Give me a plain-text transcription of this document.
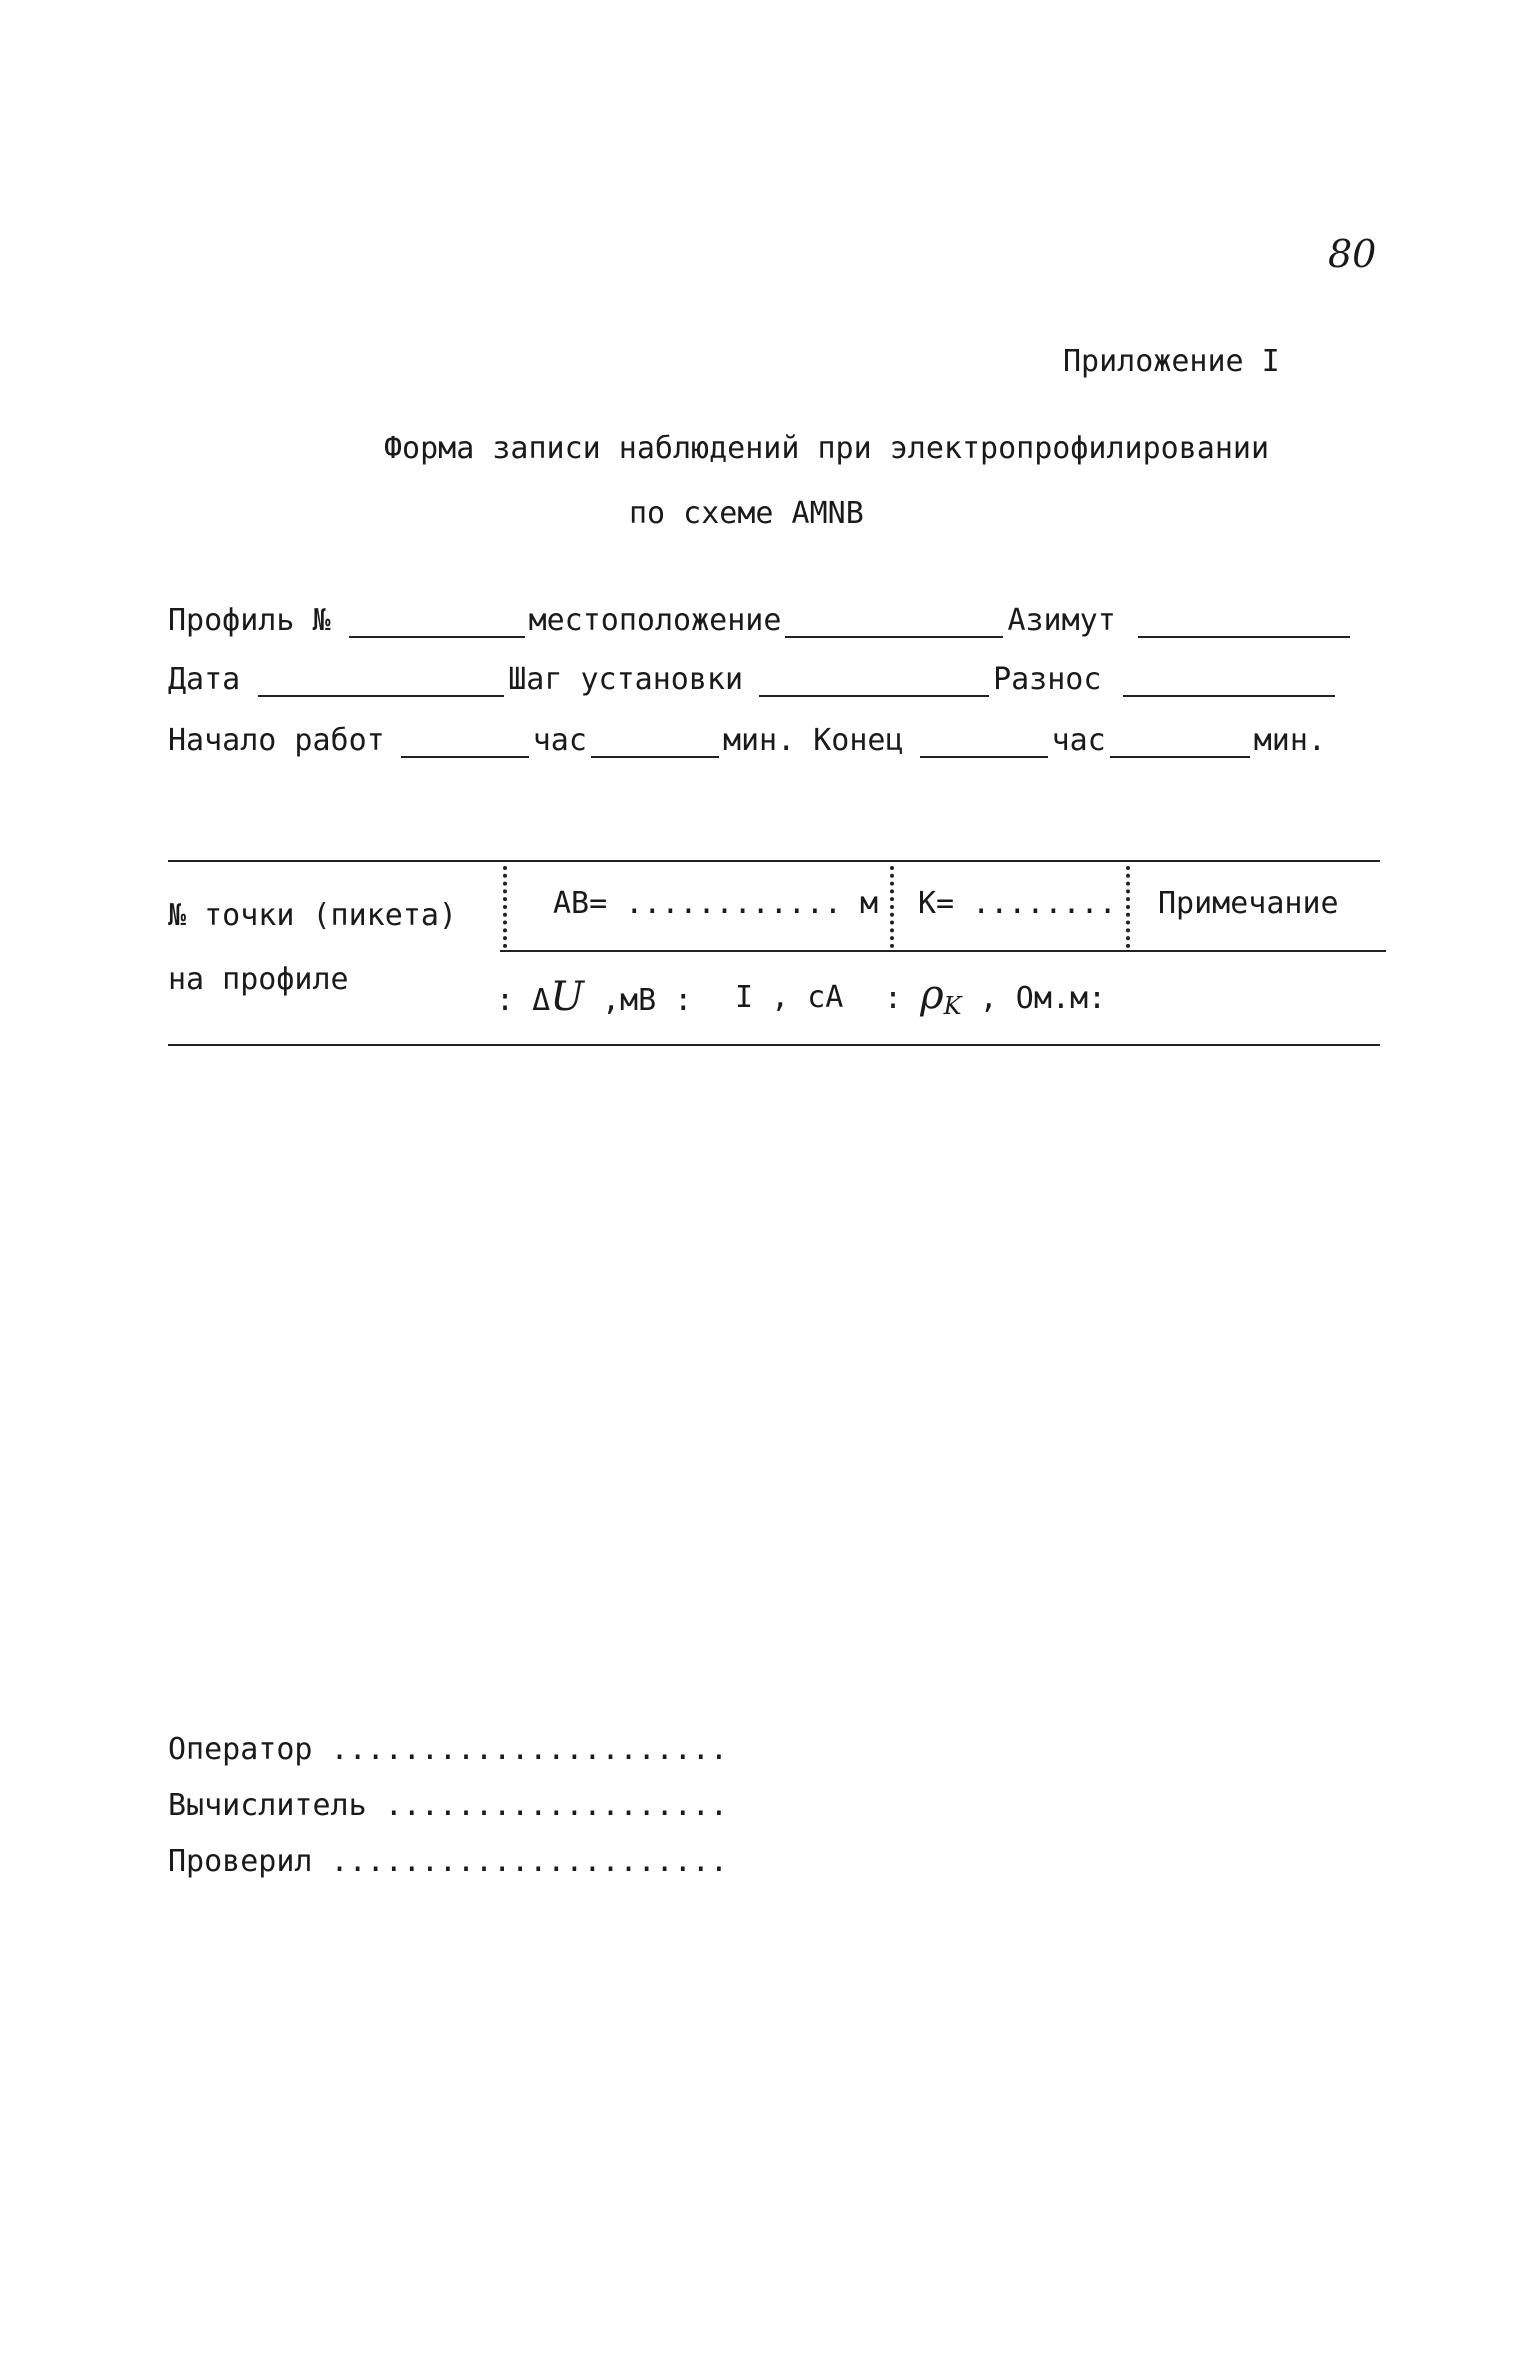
80
Приложение I
Форма записи наблюдений при электропрофилировании
по схеме АМNВ
Профиль №	местоположение	Азимут
Дата	Шаг установки	Разнос
Начало работ	час	мин. Конец	час	мин.
№ точки (пикета)
на профиле
АВ= ............ м К= ........ Примечание
: ΔU ,мВ : I , сА : $\rho_K$ , Ом.м:
Оператор ......................
Вычислитель ...................
Проверил ......................
